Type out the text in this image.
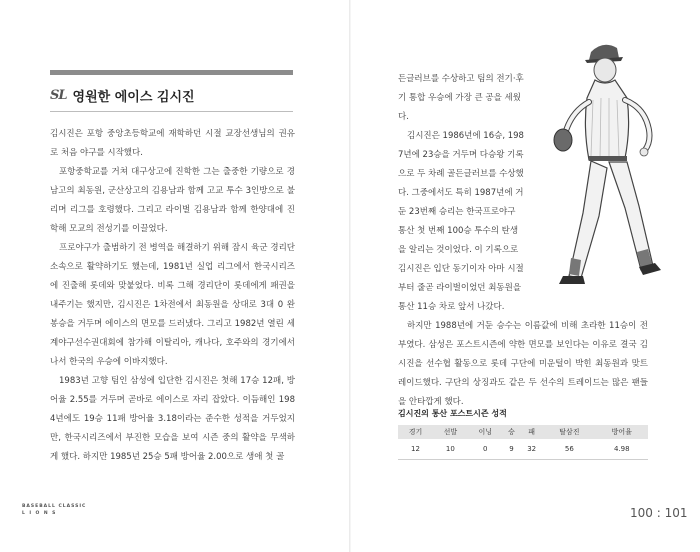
SL 영원한 에이스 김시진

김시진은 포항 중앙초등학교에 재학하던 시절 교장선생님의 권유로 처음 야구를 시작했다.

포항중학교를 거쳐 대구상고에 진학한 그는 출중한 기량으로 경남고의 최동원, 군산상고의 김용남과 함께 고교 투수 3인방으로 불리며 리그를 호령했다. 그리고 라이벌 김용남과 함께 한양대에 진학해 모교의 전성기를 이끌었다.

프로야구가 출범하기 전 병역을 해결하기 위해 잠시 육군 경리단 소속으로 활약하기도 했는데, 1981년 실업 리그에서 한국시리즈에 진출해 롯데와 맞붙었다. 비록 그해 경리단이 롯데에게 패권을 내주기는 했지만, 김시진은 1차전에서 최동원을 상대로 3대 0 완봉승을 거두며 에이스의 면모를 드러냈다. 그리고 1982년 열린 세계야구선수권대회에 참가해 이탈리아, 캐나다, 호주와의 경기에서 나서 한국의 우승에 이바지했다.

1983년 고향 팀인 삼성에 입단한 김시진은 첫해 17승 12패, 방어율 2.55를 거두며 곧바로 에이스로 자리 잡았다. 이듬해인 1984년에도 19승 11패 방어율 3.18이라는 준수한 성적을 거두었지만, 한국시리즈에서 부진한 모습을 보여 시즌 중의 활약을 무색하게 했다. 하지만 1985년 25승 5패 방어율 2.00으로 생애 첫 골

BASEBALL CLASSIC
LIONS

든글러브를 수상하고 팀의 전기·후기 통합 우승에 가장 큰 공을 세웠다.

김시진은 1986년에 16승, 1987년에 23승을 거두며 다승왕 기록으로 두 차례 골든글러브를 수상했다. 그중에서도 특히 1987년에 거둔 23번째 승리는 한국프로야구 통산 첫 번째 100승 투수의 탄생을 알리는 것이었다. 이 기록으로 김시진은 입단 동기이자 아마 시절부터 줄곧 라이벌이었던 최동원을 통산 11승 차로 앞서 나갔다.

하지만 1988년에 거둔 승수는 이름값에 비해 초라한 11승이 전부였다. 삼성은 포스트시즌에 약한 면모를 보인다는 이유로 결국 김시진을 선수협 활동으로 롯데 구단에 미운털이 박힌 최동원과 맞트레이드했다. 구단의 상징과도 같은 두 선수의 트레이드는 많은 팬들을 안타깝게 했다.

김시진의 통산 포스트시즌 성적
경기	선발	이닝	승	패	탈삼진	방어율
12	10	0	9	32	56	4.98
100 : 101
